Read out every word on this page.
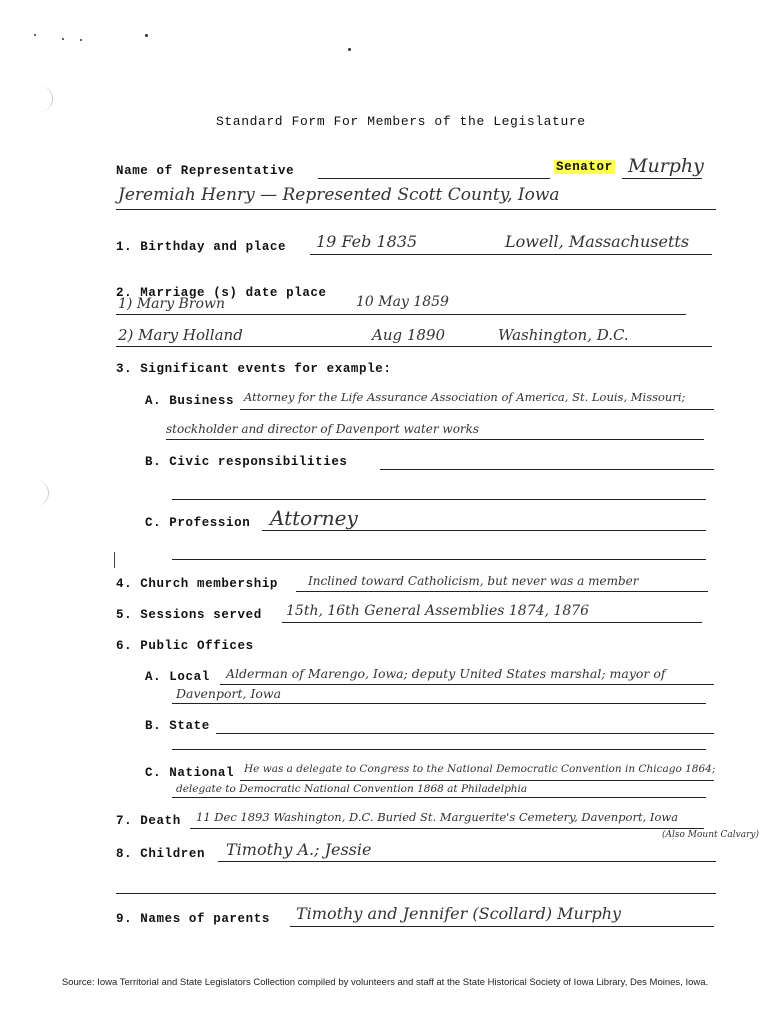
Standard Form For Members of the Legislature
Name of Representative	Senator Murphy
Jeremiah Henry — Represented Scott County, Iowa
1. Birthday and place 19 Feb 1835	Lowell, Massachusetts
2. Marriage (s) date place
1) Mary Brown	10 May 1859
2) Mary Holland	Aug 1890	Washington, D.C.
3. Significant events for example:
A. Business Attorney for the Life Assurance Association of America, St. Louis, Missouri;
stockholder and director of Davenport water works
B. Civic responsibilities
C. Profession Attorney
4. Church membership Inclined toward Catholicism, but never was a member
5. Sessions served 15th, 16th General Assemblies 1874, 1876
6. Public Offices
A. Local Alderman of Marengo, Iowa; deputy United States marshal; mayor of
Davenport, Iowa
B. State
C. National He was a delegate to Congress to the National Democratic Convention in Chicago 1864;
delegate to Democratic National Convention 1868 at Philadelphia
7. Death 11 Dec 1893 Washington, D.C. Buried St. Marguerite's Cemetery, Davenport, Iowa
(Also Mount Calvary)
8. Children Timothy A.; Jessie
9. Names of parents Timothy and Jennifer (Scollard) Murphy
Source: Iowa Territorial and State Legislators Collection compiled by volunteers and staff at the State Historical Society of Iowa Library, Des Moines, Iowa.
